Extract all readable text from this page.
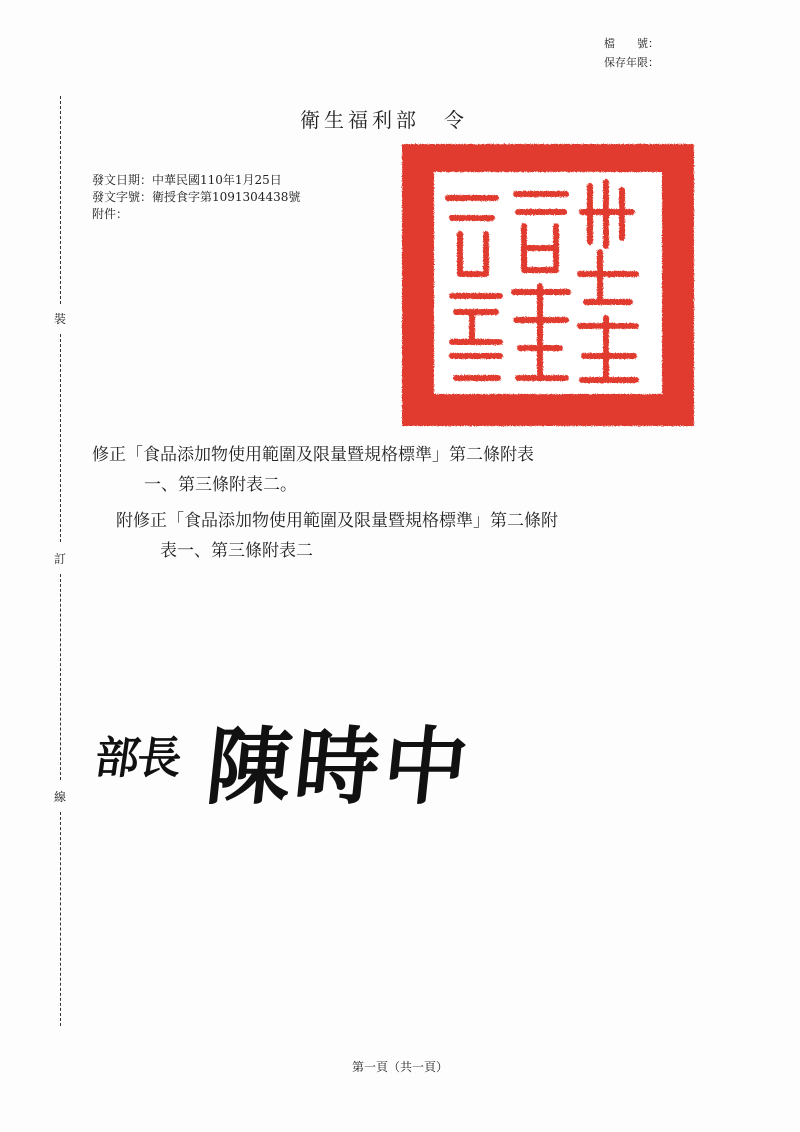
檔　　號：
保存年限：
衛生福利部　令
發文日期：中華民國110年1月25日
發文字號：衛授食字第1091304438號
附件：
裝
訂
線
修正「食品添加物使用範圍及限量暨規格標準」第二條附表
一、第三條附表二。
附修正「食品添加物使用範圍及限量暨規格標準」第二條附
表一、第三條附表二
部長 陳時中
第一頁（共一頁）
